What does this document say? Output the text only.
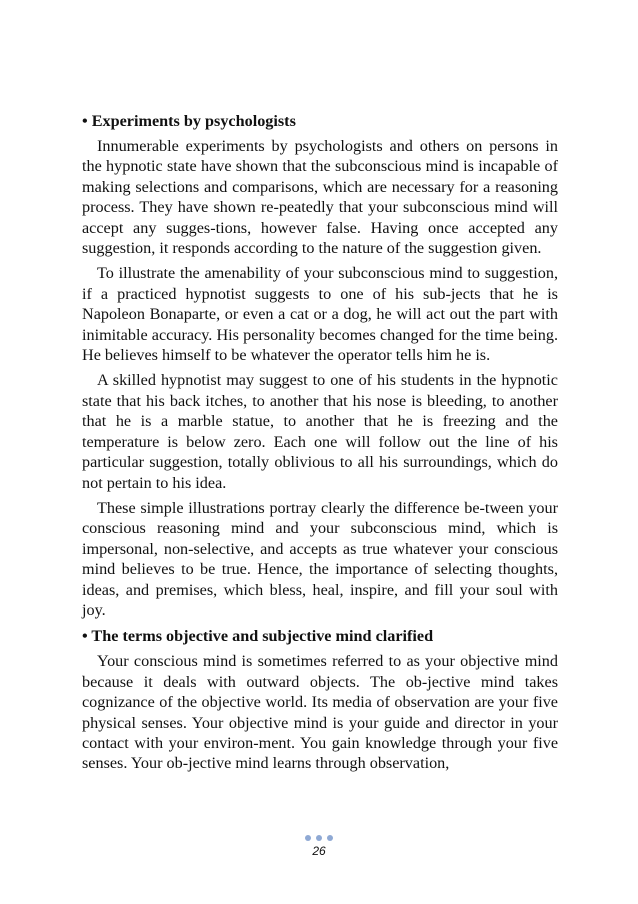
• Experiments by psychologists

Innumerable experiments by psychologists and others on persons in the hypnotic state have shown that the subconscious mind is incapable of making selections and comparisons, which are necessary for a reasoning process. They have shown re-peatedly that your subconscious mind will accept any sugges-tions, however false. Having once accepted any suggestion, it responds according to the nature of the suggestion given.

To illustrate the amenability of your subconscious mind to suggestion, if a practiced hypnotist suggests to one of his sub-jects that he is Napoleon Bonaparte, or even a cat or a dog, he will act out the part with inimitable accuracy. His personality becomes changed for the time being. He believes himself to be whatever the operator tells him he is.

A skilled hypnotist may suggest to one of his students in the hypnotic state that his back itches, to another that his nose is bleeding, to another that he is a marble statue, to another that he is freezing and the temperature is below zero. Each one will follow out the line of his particular suggestion, totally oblivious to all his surroundings, which do not pertain to his idea.

These simple illustrations portray clearly the difference be-tween your conscious reasoning mind and your subconscious mind, which is impersonal, non-selective, and accepts as true whatever your conscious mind believes to be true. Hence, the importance of selecting thoughts, ideas, and premises, which bless, heal, inspire, and fill your soul with joy.

• The terms objective and subjective mind clarified

Your conscious mind is sometimes referred to as your objective mind because it deals with outward objects. The ob-jective mind takes cognizance of the objective world. Its media of observation are your five physical senses. Your objective mind is your guide and director in your contact with your environ-ment. You gain knowledge through your five senses. Your ob-jective mind learns through observation,

26
